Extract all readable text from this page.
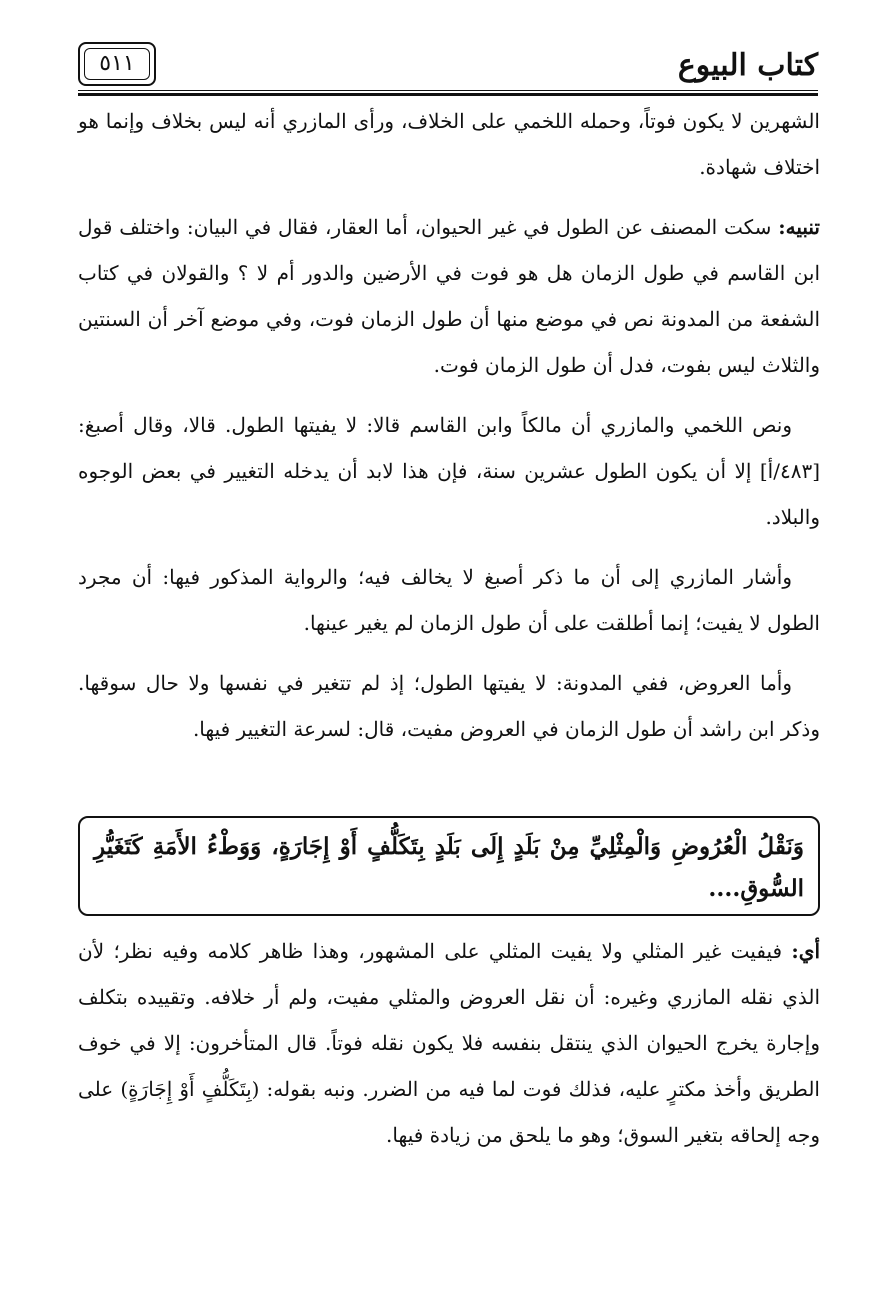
كتاب البيوع
٥١١

الشهرين لا يكون فوتاً، وحمله اللخمي على الخلاف، ورأى المازري أنه ليس بخلاف وإنما هو اختلاف شهادة.

تنبيه: سكت المصنف عن الطول في غير الحيوان، أما العقار، فقال في البيان: واختلف قول ابن القاسم في طول الزمان هل هو فوت في الأرضين والدور أم لا ؟ والقولان في كتاب الشفعة من المدونة نص في موضع منها أن طول الزمان فوت، وفي موضع آخر أن السنتين والثلاث ليس بفوت، فدل أن طول الزمان فوت.

ونص اللخمي والمازري أن مالكاً وابن القاسم قالا: لا يفيتها الطول. قالا، وقال أصبغ: [٤٨٣/أ] إلا أن يكون الطول عشرين سنة، فإن هذا لابد أن يدخله التغيير في بعض الوجوه والبلاد.

وأشار المازري إلى أن ما ذكر أصبغ لا يخالف فيه؛ والرواية المذكور فيها: أن مجرد الطول لا يفيت؛ إنما أطلقت على أن طول الزمان لم يغير عينها.

وأما العروض، ففي المدونة: لا يفيتها الطول؛ إذ لم تتغير في نفسها ولا حال سوقها. وذكر ابن راشد أن طول الزمان في العروض مفيت، قال: لسرعة التغيير فيها.

وَنَقْلُ الْعُرُوضِ وَالْمِثْلِيِّ مِنْ بَلَدٍ إِلَى بَلَدٍ بِتَكَلُّفٍ أَوْ إِجَارَةٍ، وَوَطْءُ الأَمَةِ كَتَغَيُّرِ السُّوقِ....

أي: فيفيت غير المثلي ولا يفيت المثلي على المشهور، وهذا ظاهر كلامه وفيه نظر؛ لأن الذي نقله المازري وغيره: أن نقل العروض والمثلي مفيت، ولم أر خلافه. وتقييده بتكلف وإجارة يخرج الحيوان الذي ينتقل بنفسه فلا يكون نقله فوتاً. قال المتأخرون: إلا في خوف الطريق وأخذ مكترٍ عليه، فذلك فوت لما فيه من الضرر. ونبه بقوله: (بِتَكَلُّفٍ أَوْ إِجَارَةٍ) على وجه إلحاقه بتغير السوق؛ وهو ما يلحق من زيادة فيها.
